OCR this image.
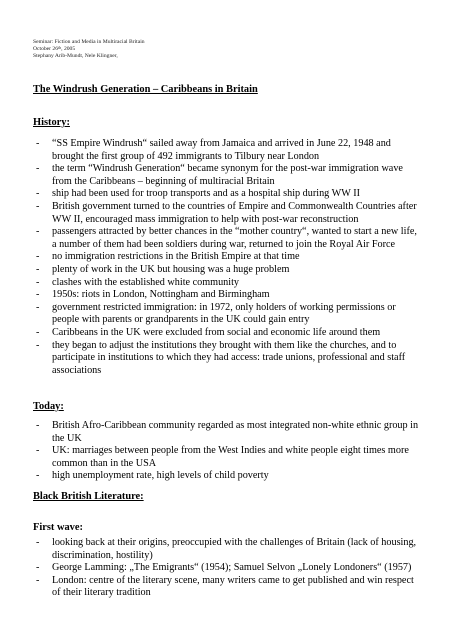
Seminar: Fiction and Media in Multiracial Britain
October 26th, 2005
Stephany Arib-Mundt, Nele Klingner,
The Windrush Generation – Caribbeans in Britain
History:
- “SS Empire Windrush“ sailed away from Jamaica and arrived in June 22, 1948 and brought the first group of 492 immigrants to Tilbury near London
- the term “Windrush Generation“ became synonym for the post-war immigration wave from the Caribbeans – beginning of multiracial Britain
- ship had been used for troop transports and as a hospital ship during WW II
- British government turned to the countries of Empire and Commonwealth Countries after WW II, encouraged mass immigration to help with post-war reconstruction
- passengers attracted by better chances in the “mother country“, wanted to start a new life, a number of them had been soldiers during war, returned to join the Royal Air Force
- no immigration restrictions in the British Empire at that time
- plenty of work in the UK but housing was a huge problem
- clashes with the established white community
- 1950s: riots in London, Nottingham and Birmingham
- government restricted immigration: in 1972, only holders of working permissions or people with parents or grandparents in the UK could gain entry
- Caribbeans in the UK were excluded from social and economic life around them
- they began to adjust the institutions they brought with them like the churches, and to participate in institutions to which they had access: trade unions, professional and staff associations
Today:
- British Afro-Caribbean community regarded as most integrated non-white ethnic group in the UK
- UK: marriages between people from the West Indies and white people eight times more common than in the USA
- high unemployment rate, high levels of child poverty
Black British Literature:
First wave:
- looking back at their origins, preoccupied with the challenges of Britain (lack of housing, discrimination, hostility)
- George Lamming: „The Emigrants“ (1954); Samuel Selvon „Lonely Londoners“ (1957)
- London: centre of the literary scene, many writers came to get published and win respect of their literary tradition
